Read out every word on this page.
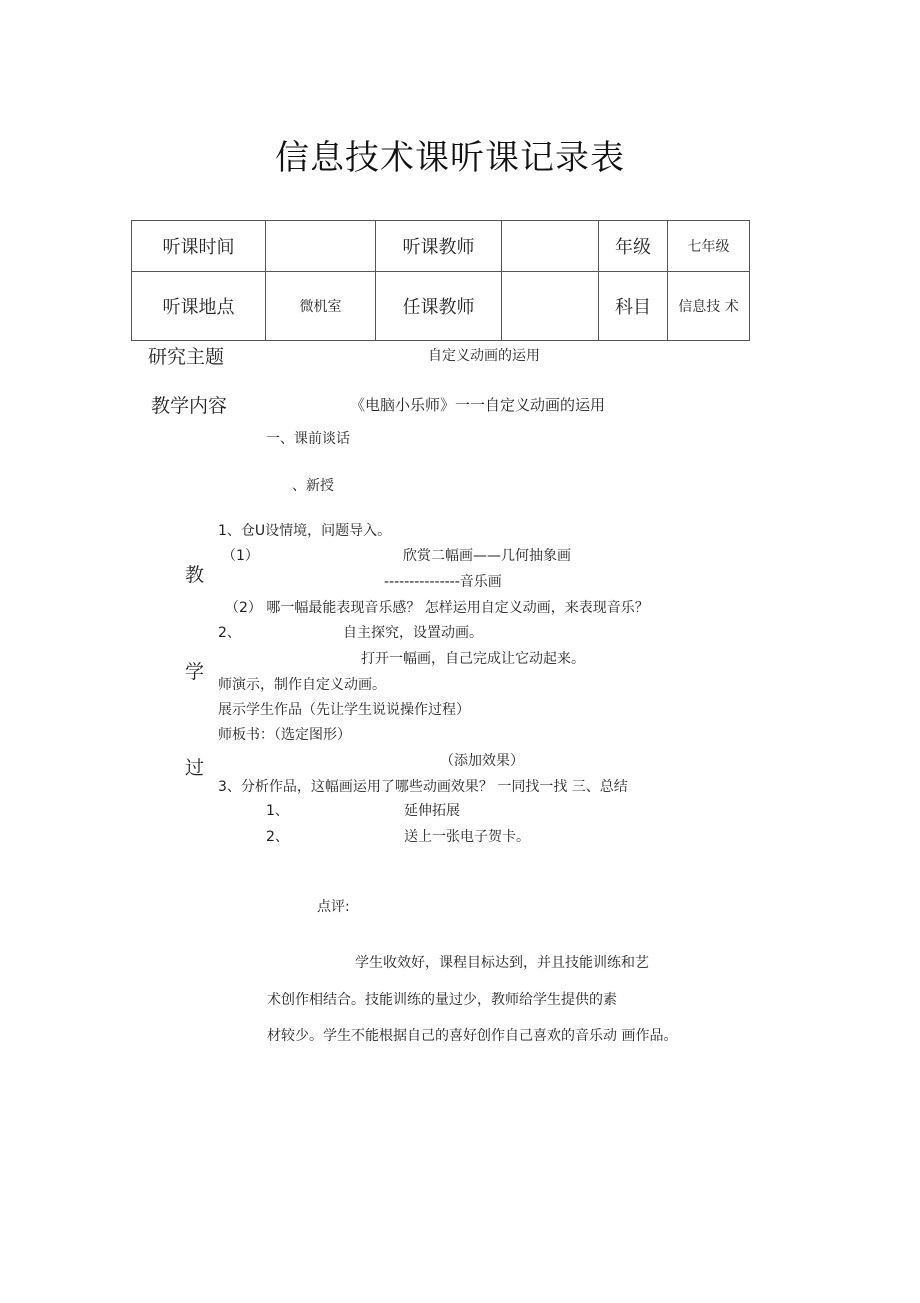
信息技术课听课记录表
听课时间		听课教师		年级	七年级
听课地点	微机室	任课教师		科目	信息技 术
研究主题	自定义动画的运用
教学内容	《电脑小乐师》一一自定义动画的运用
教
学
过
一、课前谈话
、新授
1、仓U设情境，问题导入。
（1）	欣赏二幅画——几何抽象画
---------------音乐画
（2） 哪一幅最能表现音乐感？ 怎样运用自定义动画，来表现音乐？
2、	自主探究，设置动画。
打开一幅画，自己完成让它动起来。
师演示，制作自定义动画。
展示学生作品（先让学生说说操作过程）
师板书：（选定图形）
（添加效果）
3、分析作品，这幅画运用了哪些动画效果？ 一同找一找 三、总结
1、	延伸拓展
2、	送上一张电子贺卡。
点评:
学生收效好，课程目标达到，并且技能训练和艺
术创作相结合。技能训练的量过少，教师给学生提供的素
材较少。学生不能根据自己的喜好创作自己喜欢的音乐动 画作品。
